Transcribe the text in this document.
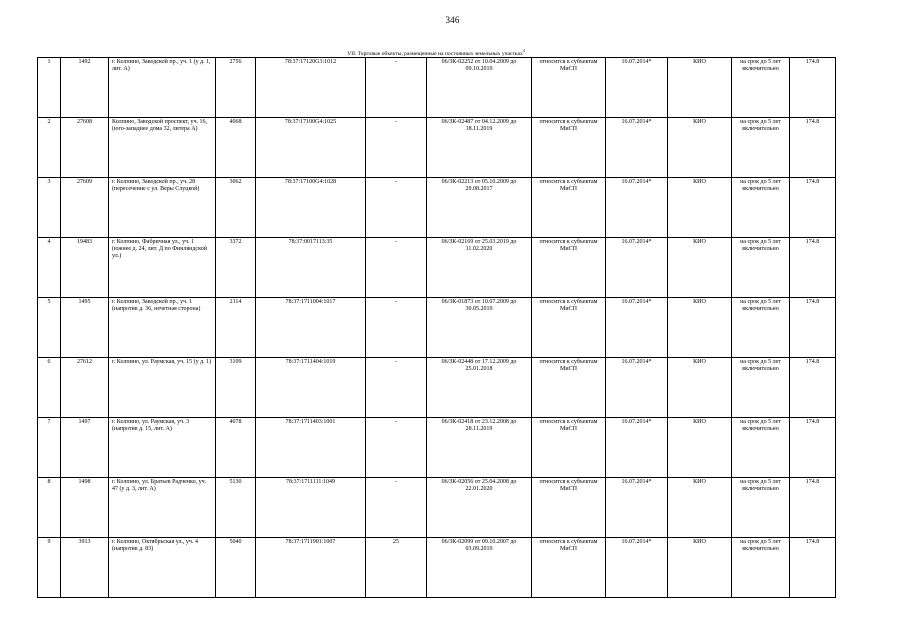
346
VII. Торговые объекты, размещенные на постоянных земельных участках$^4$
1	1492	г. Колпино, Заводской пр., уч. 1 (у д. 1, лит. А)	2756	78:37:17120G3:1012	-	06/ЗК-02252 от 10.04.2009 до 09.10.2019	относится к субъектам МиСП	16.07.2014*	КИО	на срок до 5 лет включительно	174.8	
2	27608	Колпино, Заводской проспект, уч. 16, (юго-западнее дома 32, литера А)	4068	78:37:17100G4:1025	-	06/ЗК-02487 от 04.12.2009 до 18.11.2019	относится к субъектам МиСП	16.07.2014*	КИО	на срок до 5 лет включительно	174.8	
3	27609	г. Колпино, Заводской пр., уч. 28 (пересечение с ул. Веры Слуцкой)	3062	78:37:17100G4:1028	-	06/ЗК-02213 от 05.10.2009 до 29.08.2017	относится к субъектам МиСП	16.07.2014*	КИО	на срок до 5 лет включительно	174.8	
4	19483	г. Колпино, Фабричная ул., уч. 1 (южнее д. 24, лит. Д по Финляндской ул.)	3372	78:37:0017113:35	-	06/ЗК-02169 от 25.03.2019 до 11.02.2020	относится к субъектам МиСП	16.07.2014*	КИО	на срок до 5 лет включительно	174.8	
5	1495	г. Колпино, Заводской пр., уч. 1 (напротив д. 36, нечетная сторона)	2114	78:37:1711004:1017	-	06/ЗК-01873 от 10.07.2009 до 30.05.2019	относится к субъектам МиСП	16.07.2014*	КИО	на срок до 5 лет включительно	174.8	
6	27612	г. Колпино, ул. Раумская, уч. 15 (у д. 1)	3109	78:37:1711404:1019	-	06/ЗК-02448 от 17.12.2009 до 25.01.2018	относится к субъектам МиСП	16.07.2014*	КИО	на срок до 5 лет включительно	174.8	
7	1497	г. Колпино, ул. Раумская, уч. 3 (напротив д. 15, лит. А)	4078	78:37:1711403:1001	-	06/ЗК-02418 от 23.12.2008 до 28.11.2019	относится к субъектам МиСП	16.07.2014*	КИО	на срок до 5 лет включительно	174.8	
8	1498	г. Колпино, ул. Братьев Радченко, уч. 47 (у д. 3, лит. А)	5130	78:37:1711111:1049	-	06/ЗК-02056 от 25.04.2008 до 22.01.2020	относится к субъектам МиСП	16.07.2014*	КИО	на срок до 5 лет включительно	174.8	
9	3913	г. Колпино, Октябрьская ул., уч. 4 (напротив д. 83)	5040	78:37:1711901:1007	25	06/ЗК-02099 от 09.10.2007 до 03.09.2019	относится к субъектам МиСП	16.07.2014*	КИО	на срок до 5 лет включительно	174.8	
